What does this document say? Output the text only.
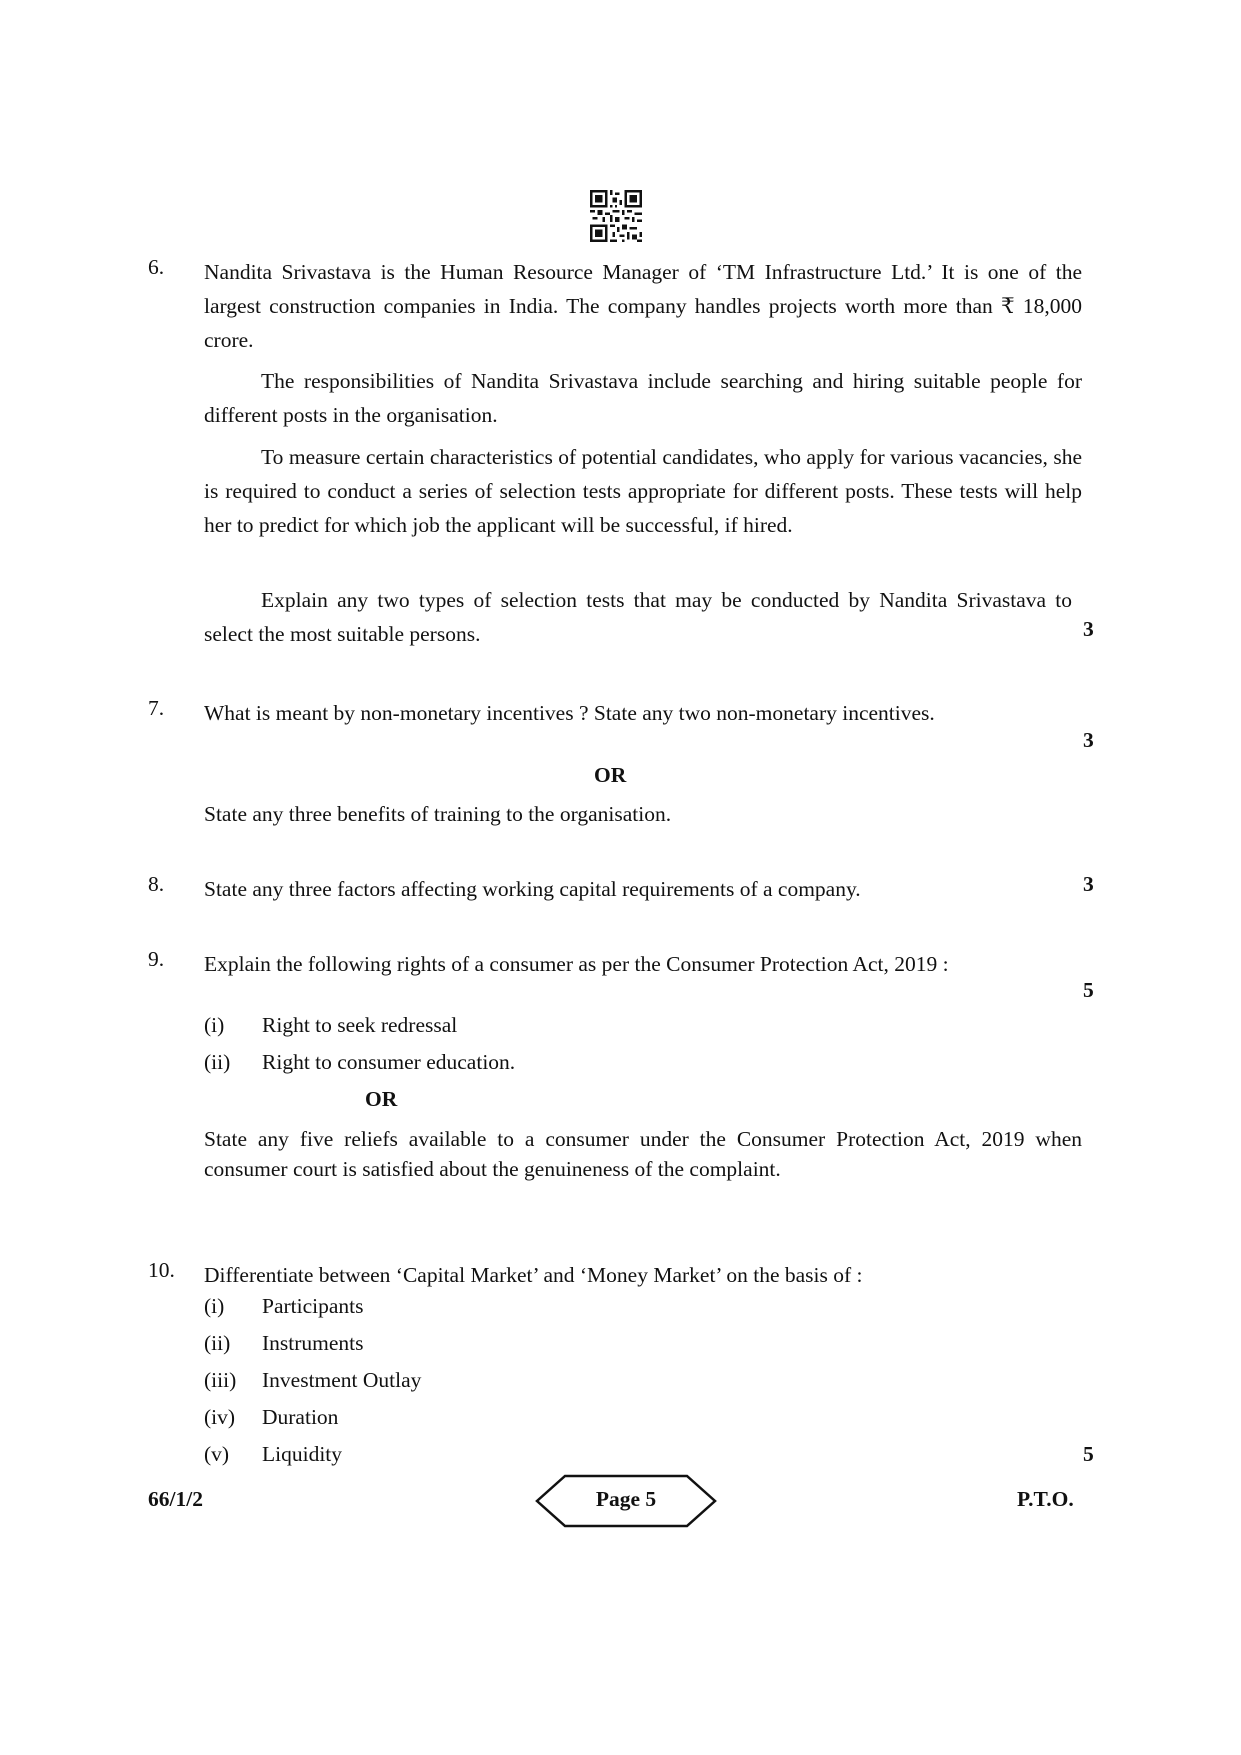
6. Nandita Srivastava is the Human Resource Manager of ‘TM Infrastructure Ltd.’ It is one of the largest construction companies in India. The company handles projects worth more than ₹ 18,000 crore.
The responsibilities of Nandita Srivastava include searching and hiring suitable people for different posts in the organisation.
To measure certain characteristics of potential candidates, who apply for various vacancies, she is required to conduct a series of selection tests appropriate for different posts. These tests will help her to predict for which job the applicant will be successful, if hired.
Explain any two types of selection tests that may be conducted by Nandita Srivastava to select the most suitable persons.	3
7. What is meant by non-monetary incentives ? State any two non-monetary incentives.
3
OR
State any three benefits of training to the organisation.
8. State any three factors affecting working capital requirements of a company.	3
9. Explain the following rights of a consumer as per the Consumer Protection Act, 2019 :
5
(i) Right to seek redressal
(ii) Right to consumer education.
OR
State any five reliefs available to a consumer under the Consumer Protection Act, 2019 when consumer court is satisfied about the genuineness of the complaint.
10. Differentiate between ‘Capital Market’ and ‘Money Market’ on the basis of :
(i) Participants
(ii) Instruments
(iii) Investment Outlay
(iv) Duration
(v) Liquidity	5
66/1/2	Page 5	P.T.O.
